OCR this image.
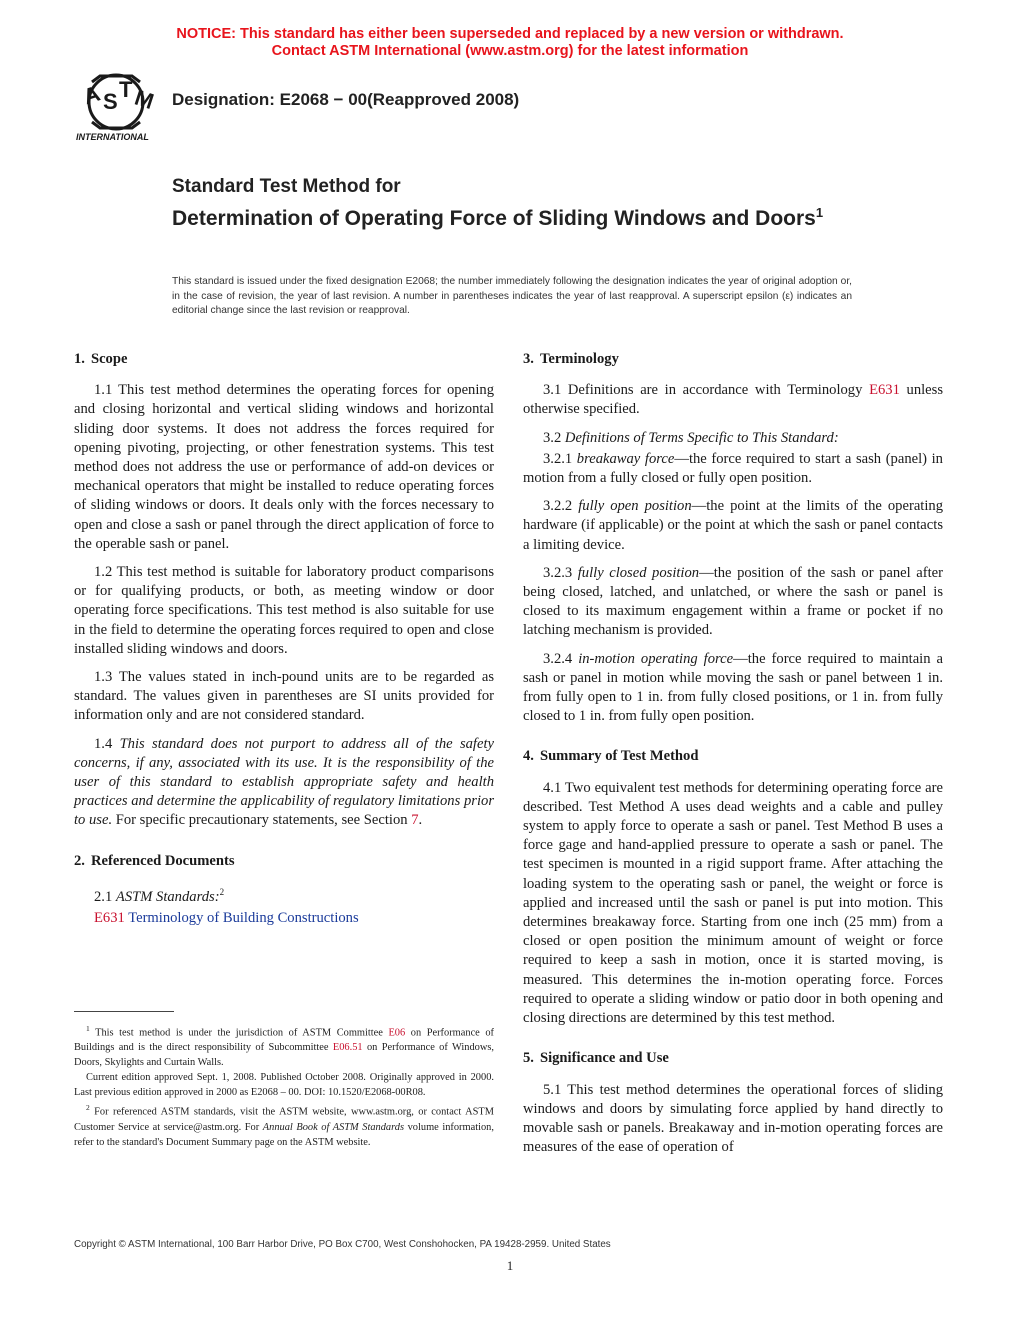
NOTICE: This standard has either been superseded and replaced by a new version or withdrawn.
Contact ASTM International (www.astm.org) for the latest information
A S T M
INTERNATIONAL
Designation: E2068 − 00(Reapproved 2008)
Standard Test Method for
Determination of Operating Force of Sliding Windows and Doors$^1$
This standard is issued under the fixed designation E2068; the number immediately following the designation indicates the year of original adoption or, in the case of revision, the year of last revision. A number in parentheses indicates the year of last reapproval. A superscript epsilon (ε) indicates an editorial change since the last revision or reapproval.
1. Scope

1.1 This test method determines the operating forces for opening and closing horizontal and vertical sliding windows and horizontal sliding door systems. It does not address the forces required for opening pivoting, projecting, or other fenestration systems. This test method does not address the use or performance of add-on devices or mechanical operators that might be installed to reduce operating forces of sliding windows or doors. It deals only with the forces necessary to open and close a sash or panel through the direct application of force to the operable sash or panel.

1.2 This test method is suitable for laboratory product comparisons or for qualifying products, or both, as meeting window or door operating force specifications. This test method is also suitable for use in the field to determine the operating forces required to open and close installed sliding windows and doors.

1.3 The values stated in inch-pound units are to be regarded as standard. The values given in parentheses are SI units provided for information only and are not considered standard.

1.4 This standard does not purport to address all of the safety concerns, if any, associated with its use. It is the responsibility of the user of this standard to establish appropriate safety and health practices and determine the applicability of regulatory limitations prior to use. For specific precautionary statements, see Section 7.

2. Referenced Documents

2.1 ASTM Standards:$^2$

E631 Terminology of Building Constructions

$^1$ This test method is under the jurisdiction of ASTM Committee E06 on Performance of Buildings and is the direct responsibility of Subcommittee E06.51 on Performance of Windows, Doors, Skylights and Curtain Walls.

Current edition approved Sept. 1, 2008. Published October 2008. Originally approved in 2000. Last previous edition approved in 2000 as E2068 – 00. DOI: 10.1520/E2068-00R08.

$^2$ For referenced ASTM standards, visit the ASTM website, www.astm.org, or contact ASTM Customer Service at service@astm.org. For Annual Book of ASTM Standards volume information, refer to the standard's Document Summary page on the ASTM website.

3. Terminology

3.1 Definitions are in accordance with Terminology E631 unless otherwise specified.

3.2 Definitions of Terms Specific to This Standard:

3.2.1 breakaway force—the force required to start a sash (panel) in motion from a fully closed or fully open position.

3.2.2 fully open position—the point at the limits of the operating hardware (if applicable) or the point at which the sash or panel contacts a limiting device.

3.2.3 fully closed position—the position of the sash or panel after being closed, latched, and unlatched, or where the sash or panel is closed to its maximum engagement within a frame or pocket if no latching mechanism is provided.

3.2.4 in-motion operating force—the force required to maintain a sash or panel in motion while moving the sash or panel between 1 in. from fully open to 1 in. from fully closed positions, or 1 in. from fully closed to 1 in. from fully open position.

4. Summary of Test Method

4.1 Two equivalent test methods for determining operating force are described. Test Method A uses dead weights and a cable and pulley system to apply force to operate a sash or panel. Test Method B uses a force gage and hand-applied pressure to operate a sash or panel. The test specimen is mounted in a rigid support frame. After attaching the loading system to the operating sash or panel, the weight or force is applied and increased until the sash or panel is put into motion. This determines breakaway force. Starting from one inch (25 mm) from a closed or open position the minimum amount of weight or force required to keep a sash in motion, once it is started moving, is measured. This determines the in-motion operating force. Forces required to operate a sliding window or patio door in both opening and closing directions are determined by this test method.

5. Significance and Use

5.1 This test method determines the operational forces of sliding windows and doors by simulating force applied by hand directly to movable sash or panels. Breakaway and in-motion operating forces are measures of the ease of operation of

Copyright © ASTM International, 100 Barr Harbor Drive, PO Box C700, West Conshohocken, PA 19428-2959. United States
1
